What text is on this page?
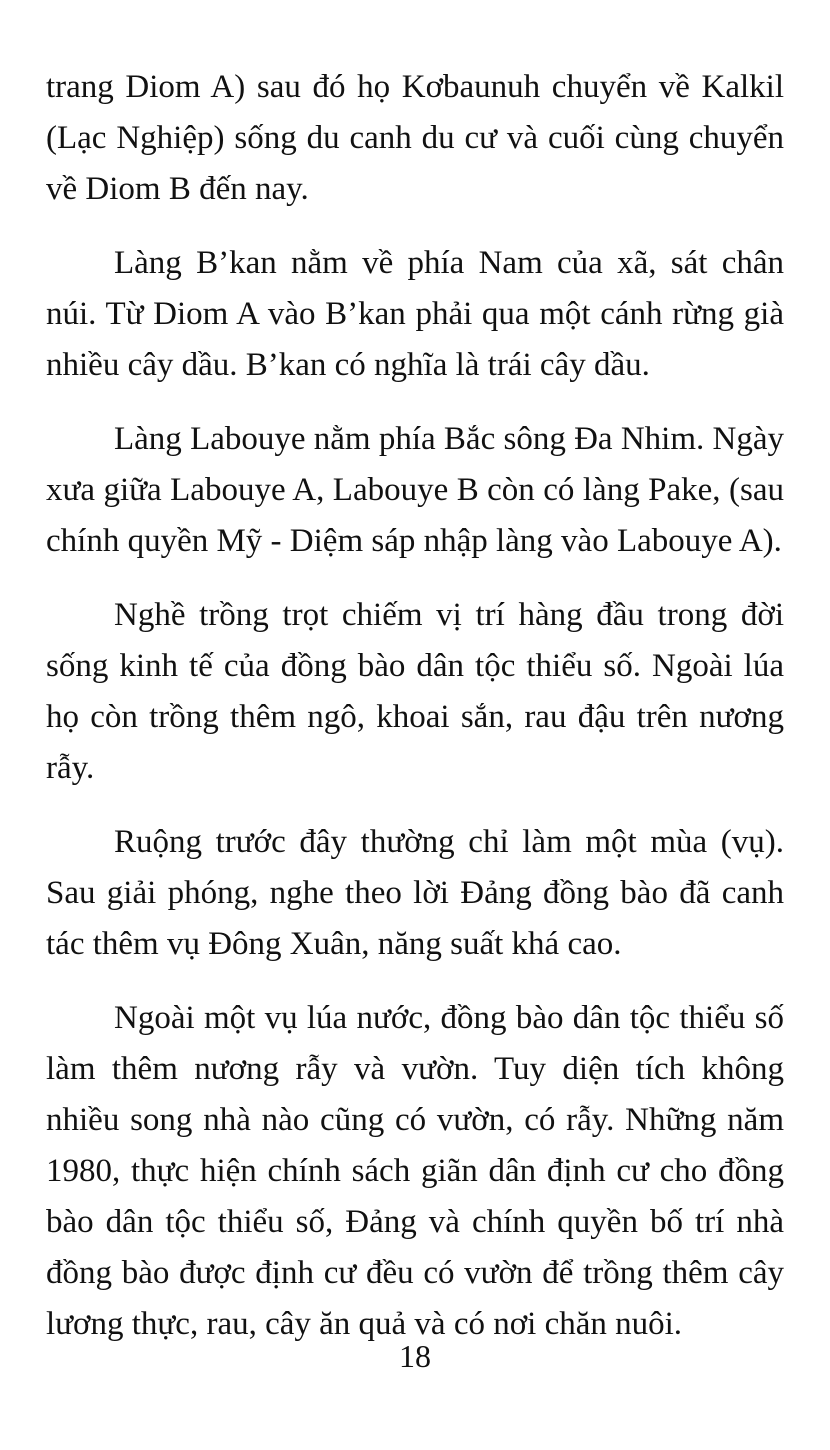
trang Diom A) sau đó họ Kơbaunuh chuyển về Kalkil (Lạc Nghiệp) sống du canh du cư và cuối cùng chuyển về Diom B đến nay.

Làng B’kan nằm về phía Nam của xã, sát chân núi. Từ Diom A vào B’kan phải qua một cánh rừng già nhiều cây dầu. B’kan có nghĩa là trái cây dầu.

Làng Labouye nằm phía Bắc sông Đa Nhim. Ngày xưa giữa Labouye A, Labouye B còn có làng Pake, (sau chính quyền Mỹ - Diệm sáp nhập làng vào Labouye A).

Nghề trồng trọt chiếm vị trí hàng đầu trong đời sống kinh tế của đồng bào dân tộc thiểu số. Ngoài lúa họ còn trồng thêm ngô, khoai sắn, rau đậu trên nương rẫy.

Ruộng trước đây thường chỉ làm một mùa (vụ). Sau giải phóng, nghe theo lời Đảng đồng bào đã canh tác thêm vụ Đông Xuân, năng suất khá cao.

Ngoài một vụ lúa nước, đồng bào dân tộc thiểu số làm thêm nương rẫy và vườn. Tuy diện tích không nhiều song nhà nào cũng có vườn, có rẫy. Những năm 1980, thực hiện chính sách giãn dân định cư cho đồng bào dân tộc thiểu số, Đảng và chính quyền bố trí nhà đồng bào được định cư đều có vườn để trồng thêm cây lương thực, rau, cây ăn quả và có nơi chăn nuôi.

18
